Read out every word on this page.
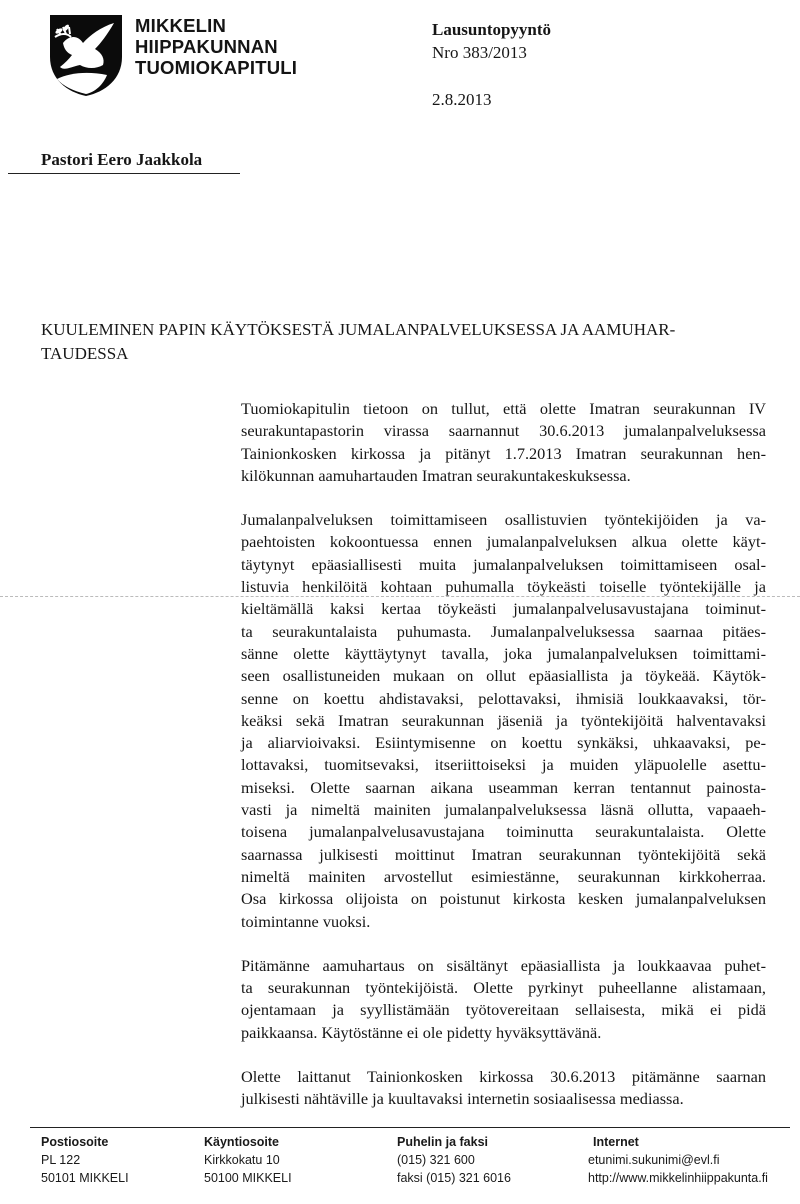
MIKKELIN
HIIPPAKUNNAN
TUOMIOKAPITULI
Lausuntopyyntö
Nro 383/2013
2.8.2013
Pastori Eero Jaakkola
KUULEMINEN PAPIN KÄYTÖKSESTÄ JUMALANPALVELUKSESSA JA AAMUHAR-
TAUDESSA

Tuomiokapitulin tietoon on tullut, että olette Imatran seurakunnan IV
seurakuntapastorin virassa saarnannut 30.6.2013 jumalanpalveluksessa
Tainionkosken kirkossa ja pitänyt 1.7.2013 Imatran seurakunnan hen-
kilökunnan aamuhartauden Imatran seurakuntakeskuksessa.

Jumalanpalveluksen toimittamiseen osallistuvien työntekijöiden ja va-
paehtoisten kokoontuessa ennen jumalanpalveluksen alkua olette käyt-
täytynyt epäasiallisesti muita jumalanpalveluksen toimittamiseen osal-
listuvia henkilöitä kohtaan puhumalla töykeästi toiselle työntekijälle ja
kieltämällä kaksi kertaa töykeästi jumalanpalvelusavustajana toiminut-
ta seurakuntalaista puhumasta. Jumalanpalveluksessa saarnaa pitäes-
sänne olette käyttäytynyt tavalla, joka jumalanpalveluksen toimittami-
seen osallistuneiden mukaan on ollut epäasiallista ja töykeää. Käytök-
senne on koettu ahdistavaksi, pelottavaksi, ihmisiä loukkaavaksi, tör-
keäksi sekä Imatran seurakunnan jäseniä ja työntekijöitä halventavaksi
ja aliarvioivaksi. Esiintymisenne on koettu synkäksi, uhkaavaksi, pe-
lottavaksi, tuomitsevaksi, itseriittoiseksi ja muiden yläpuolelle asettu-
miseksi. Olette saarnan aikana useamman kerran tentannut painosta-
vasti ja nimeltä mainiten jumalanpalveluksessa läsnä ollutta, vapaaeh-
toisena jumalanpalvelusavustajana toiminutta seurakuntalaista. Olette
saarnassa julkisesti moittinut Imatran seurakunnan työntekijöitä sekä
nimeltä mainiten arvostellut esimiestänne, seurakunnan kirkkoherraa.
Osa kirkossa olijoista on poistunut kirkosta kesken jumalanpalveluksen
toimintanne vuoksi.

Pitämänne aamuhartaus on sisältänyt epäasiallista ja loukkaavaa puhet-
ta seurakunnan työntekijöistä. Olette pyrkinyt puheellanne alistamaan,
ojentamaan ja syyllistämään työtovereitaan sellaisesta, mikä ei pidä
paikkaansa. Käytöstänne ei ole pidetty hyväksyttävänä.

Olette laittanut Tainionkosken kirkossa 30.6.2013 pitämänne saarnan
julkisesti nähtäville ja kuultavaksi internetin sosiaalisessa mediassa.

Postiosoite
PL 122
50101 MIKKELI
Käyntiosoite
Kirkkokatu 10
50100 MIKKELI
Puhelin ja faksi
(015) 321 600
faksi (015) 321 6016
Internet
etunimi.sukunimi@evl.fi
http://www.mikkelinhiippakunta.fi
